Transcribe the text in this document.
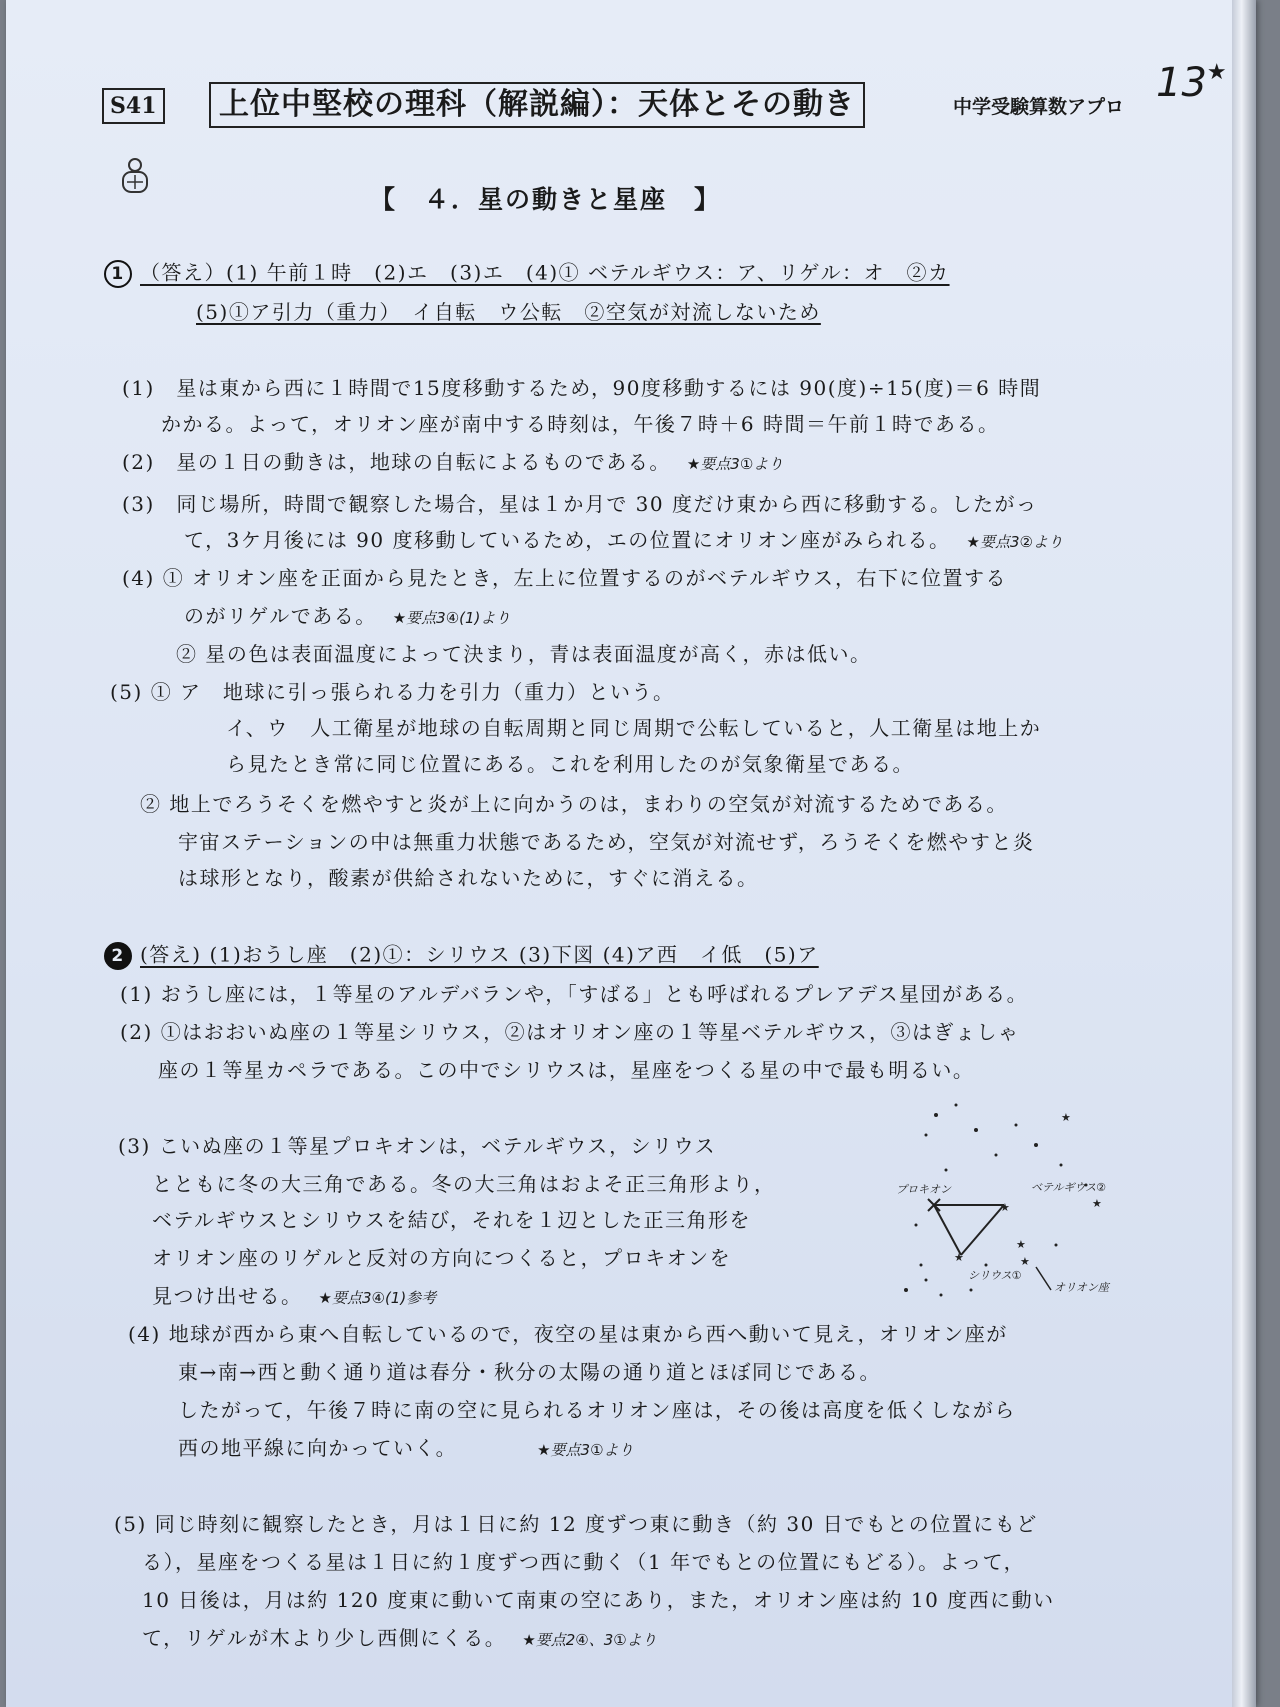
S41	上位中堅校の理科（解説編）：天体とその動き	中学受験算数アプロ
13★
【　４．星の動きと星座　】
1 （答え）(1) 午前１時　(2)エ　(3)エ　(4)① ベテルギウス：ア、リゲル：オ　②カ
(5)①ア引力（重力）　イ自転　ウ公転　②空気が対流しないため
(1)　星は東から西に１時間で15度移動するため，90度移動するには 90(度)÷15(度)＝6 時間
かかる。よって，オリオン座が南中する時刻は，午後７時＋6 時間＝午前１時である。
(2)　星の１日の動きは，地球の自転によるものである。 ★要点3①より
(3)　同じ場所，時間で観察した場合，星は１か月で 30 度だけ東から西に移動する。したがっ
て，3ケ月後には 90 度移動しているため，エの位置にオリオン座がみられる。 ★要点3②より
(4) ① オリオン座を正面から見たとき，左上に位置するのがベテルギウス，右下に位置する
のがリゲルである。 ★要点3④(1)より
② 星の色は表面温度によって決まり，青は表面温度が高く，赤は低い。
(5) ① ア　地球に引っ張られる力を引力（重力）という。
イ、ウ　人工衛星が地球の自転周期と同じ周期で公転していると，人工衛星は地上か
ら見たとき常に同じ位置にある。これを利用したのが気象衛星である。
② 地上でろうそくを燃やすと炎が上に向かうのは，まわりの空気が対流するためである。
宇宙ステーションの中は無重力状態であるため，空気が対流せず，ろうそくを燃やすと炎
は球形となり，酸素が供給されないために，すぐに消える。
2 (答え) (1)おうし座　(2)①：シリウス (3)下図 (4)ア西　イ低　(5)ア
(1) おうし座には，１等星のアルデバランや，「すばる」とも呼ばれるプレアデス星団がある。
(2) ①はおおいぬ座の１等星シリウス，②はオリオン座の１等星ベテルギウス，③はぎょしゃ
座の１等星カペラである。この中でシリウスは，星座をつくる星の中で最も明るい。
(3) こいぬ座の１等星プロキオンは，ベテルギウス，シリウス
とともに冬の大三角である。冬の大三角はおよそ正三角形より，
ベテルギウスとシリウスを結び，それを１辺とした正三角形を
オリオン座のリゲルと反対の方向につくると，プロキオンを
見つけ出せる。 ★要点3④(1)参考
★
★
★
★
★
★
プロキオン	ベテルギウス②
シリウス①
オリオン座
(4) 地球が西から東へ自転しているので，夜空の星は東から西へ動いて見え，オリオン座が
東→南→西と動く通り道は春分・秋分の太陽の通り道とほぼ同じである。
したがって，午後７時に南の空に見られるオリオン座は，その後は高度を低くしながら
西の地平線に向かっていく。	★要点3①より
(5) 同じ時刻に観察したとき，月は１日に約 12 度ずつ東に動き（約 30 日でもとの位置にもど
る），星座をつくる星は１日に約１度ずつ西に動く（1 年でもとの位置にもどる）。よって，
10 日後は，月は約 120 度東に動いて南東の空にあり，また，オリオン座は約 10 度西に動い
て，リゲルが木より少し西側にくる。 ★要点2④、3①より
